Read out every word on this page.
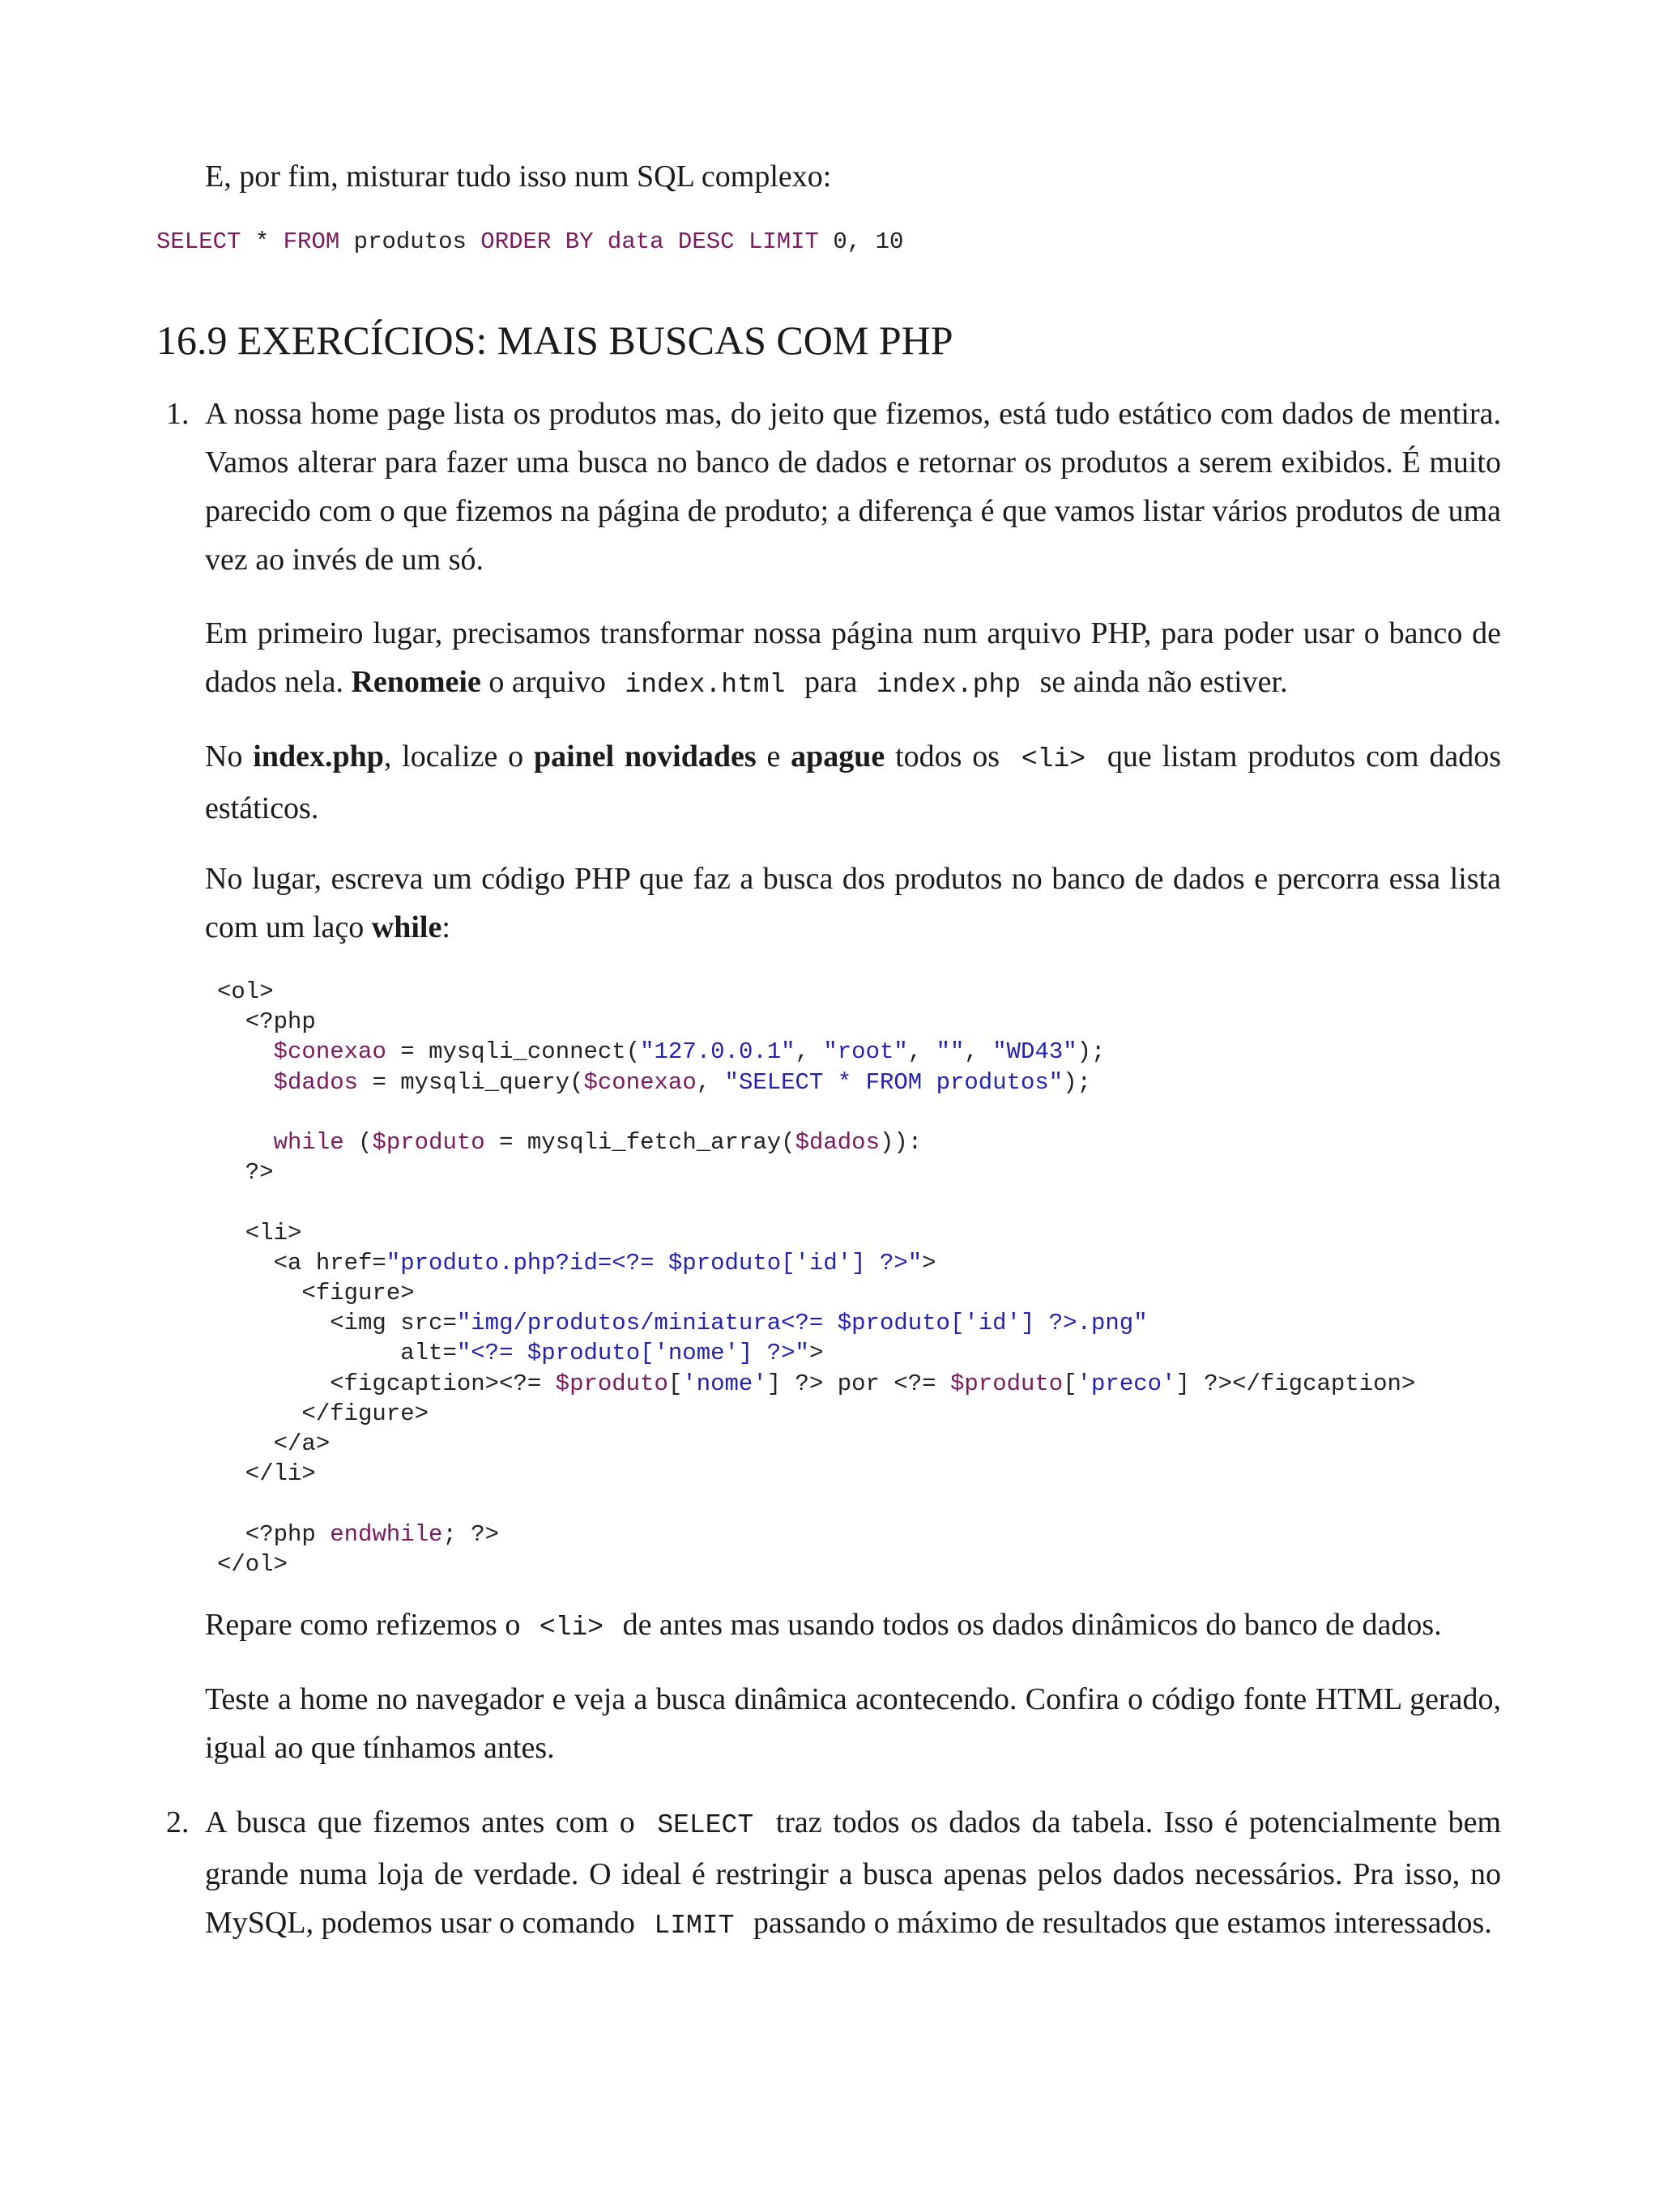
E, por fim, misturar tudo isso num SQL complexo:

SELECT * FROM produtos ORDER BY data DESC LIMIT 0, 10
16.9 EXERCÍCIOS: MAIS BUSCAS COM PHP
1. A nossa home page lista os produtos mas, do jeito que fizemos, está tudo estático com dados de mentira. Vamos alterar para fazer uma busca no banco de dados e retornar os produtos a serem exibidos. É muito parecido com o que fizemos na página de produto; a diferença é que vamos listar vários produtos de uma vez ao invés de um só.

Em primeiro lugar, precisamos transformar nossa página num arquivo PHP, para poder usar o banco de dados nela. Renomeie o arquivo index.html para index.php se ainda não estiver.

No index.php, localize o painel novidades e apague todos os <li> que listam produtos com dados estáticos.

No lugar, escreva um código PHP que faz a busca dos produtos no banco de dados e percorra essa lista com um laço while:

<ol>
<?php
$conexao = mysqli_connect("127.0.0.1", "root", "", "WD43");
$dados = mysqli_query($conexao, "SELECT * FROM produtos");

while ($produto = mysqli_fetch_array($dados)):
?>

<li>
<a href="produto.php?id=<?= $produto['id'] ?>">
<figure>
<img src="img/produtos/miniatura<?= $produto['id'] ?>.png"
alt="<?= $produto['nome'] ?>">
<figcaption><?= $produto['nome'] ?> por <?= $produto['preco'] ?></figcaption>
</figure>
</a>
</li>

<?php endwhile; ?>
</ol>

Repare como refizemos o <li> de antes mas usando todos os dados dinâmicos do banco de dados.

Teste a home no navegador e veja a busca dinâmica acontecendo. Confira o código fonte HTML gerado, igual ao que tínhamos antes.

2. A busca que fizemos antes com o SELECT traz todos os dados da tabela. Isso é potencialmente bem grande numa loja de verdade. O ideal é restringir a busca apenas pelos dados necessários. Pra isso, no MySQL, podemos usar o comando LIMIT passando o máximo de resultados que estamos interessados.
